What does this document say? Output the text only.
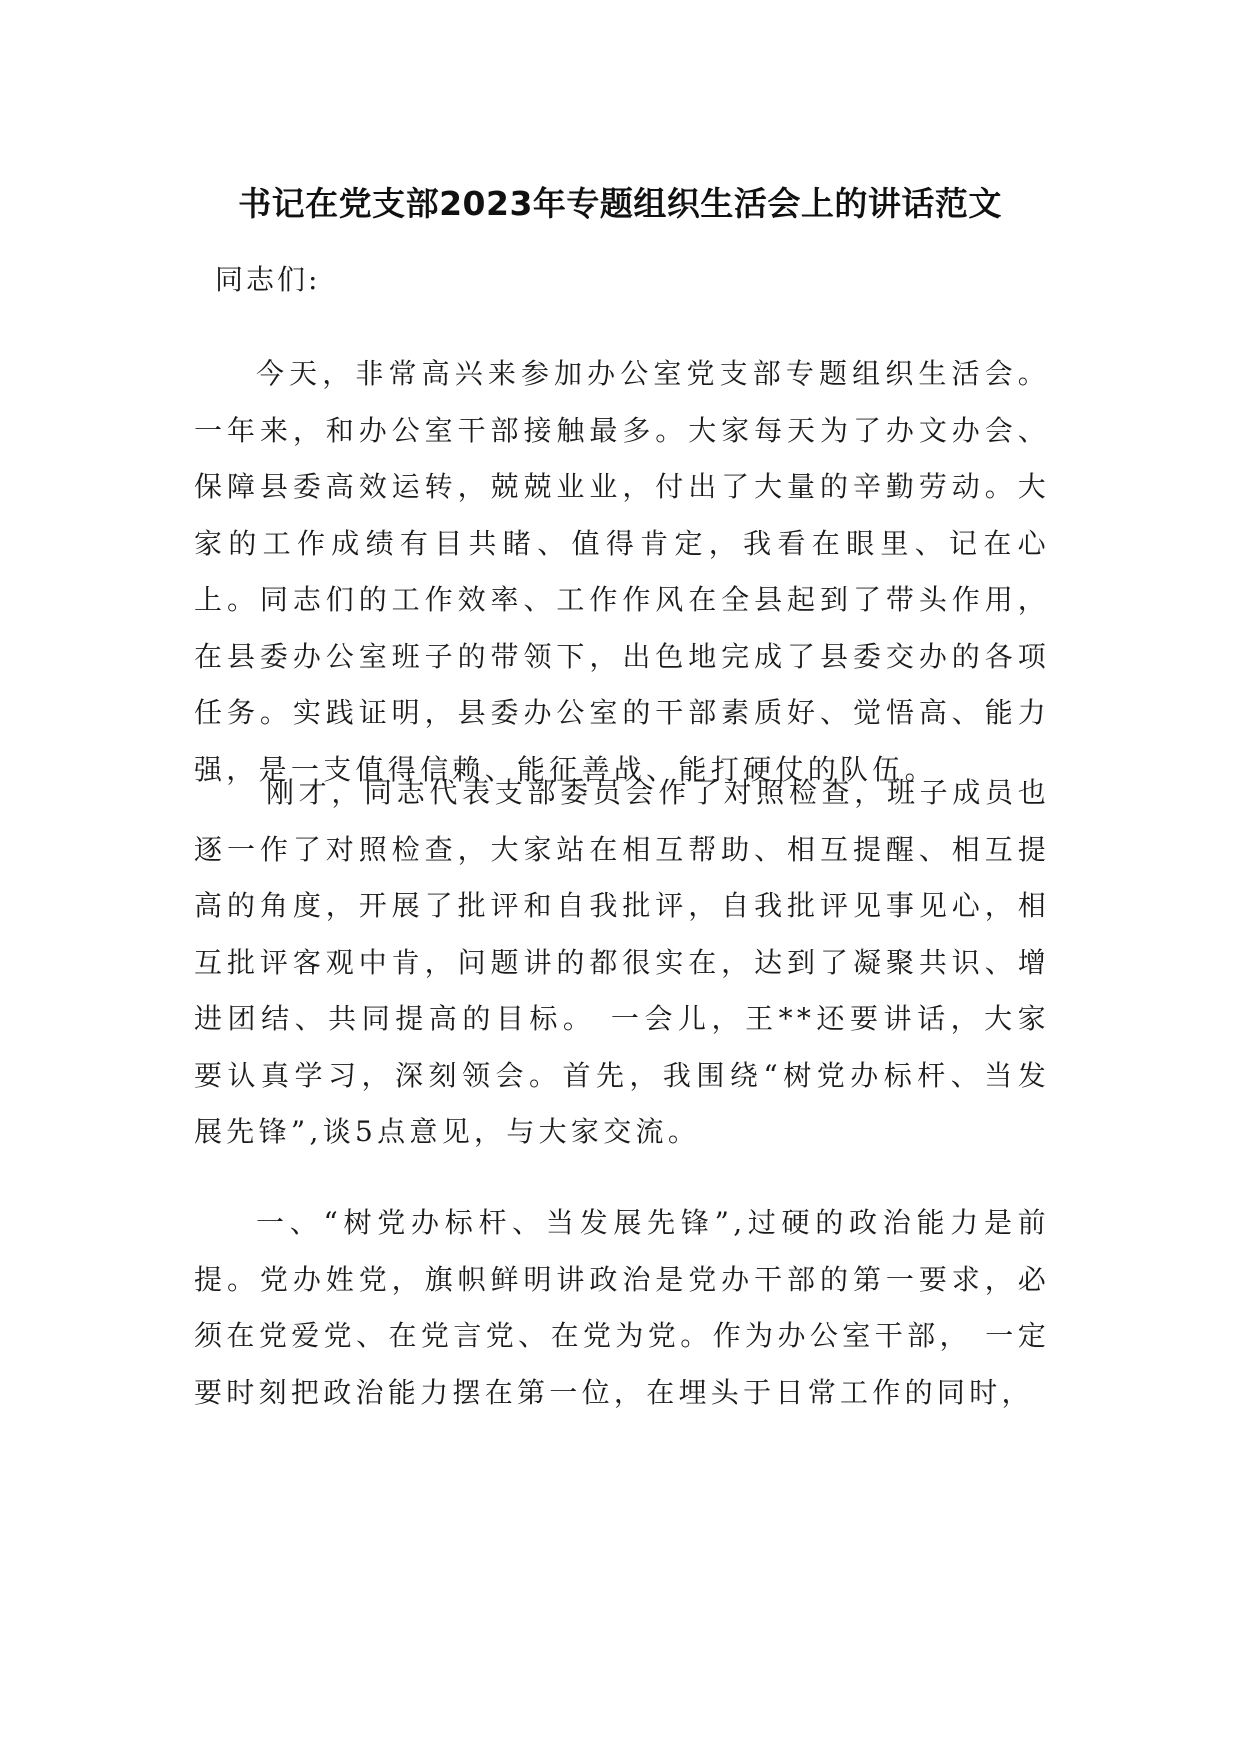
书记在党支部2023年专题组织生活会上的讲话范文
同志们:

今天，非常高兴来参加办公室党支部专题组织生活会。一年来，和办公室干部接触最多。大家每天为了办文办会、保障县委高效运转，兢兢业业，付出了大量的辛勤劳动。大家的工作成绩有目共睹、值得肯定，我看在眼里、记在心上。同志们的工作效率、工作作风在全县起到了带头作用，在县委办公室班子的带领下，出色地完成了县委交办的各项任务。实践证明，县委办公室的干部素质好、觉悟高、能力强，是一支值得信赖、能征善战、能打硬仗的队伍。

刚才，同志代表支部委员会作了对照检查，班子成员也逐一作了对照检查，大家站在相互帮助、相互提醒、相互提高的角度，开展了批评和自我批评，自我批评见事见心，相互批评客观中肯，问题讲的都很实在，达到了凝聚共识、增进团结、共同提高的目标。 一会儿，王**还要讲话，大家要认真学习，深刻领会。首先，我围绕“树党办标杆、当发展先锋”,谈5点意见，与大家交流。

一、“树党办标杆、当发展先锋”,过硬的政治能力是前提。党办姓党，旗帜鲜明讲政治是党办干部的第一要求，必须在党爱党、在党言党、在党为党。作为办公室干部， 一定要时刻把政治能力摆在第一位，在埋头于日常工作的同时，
